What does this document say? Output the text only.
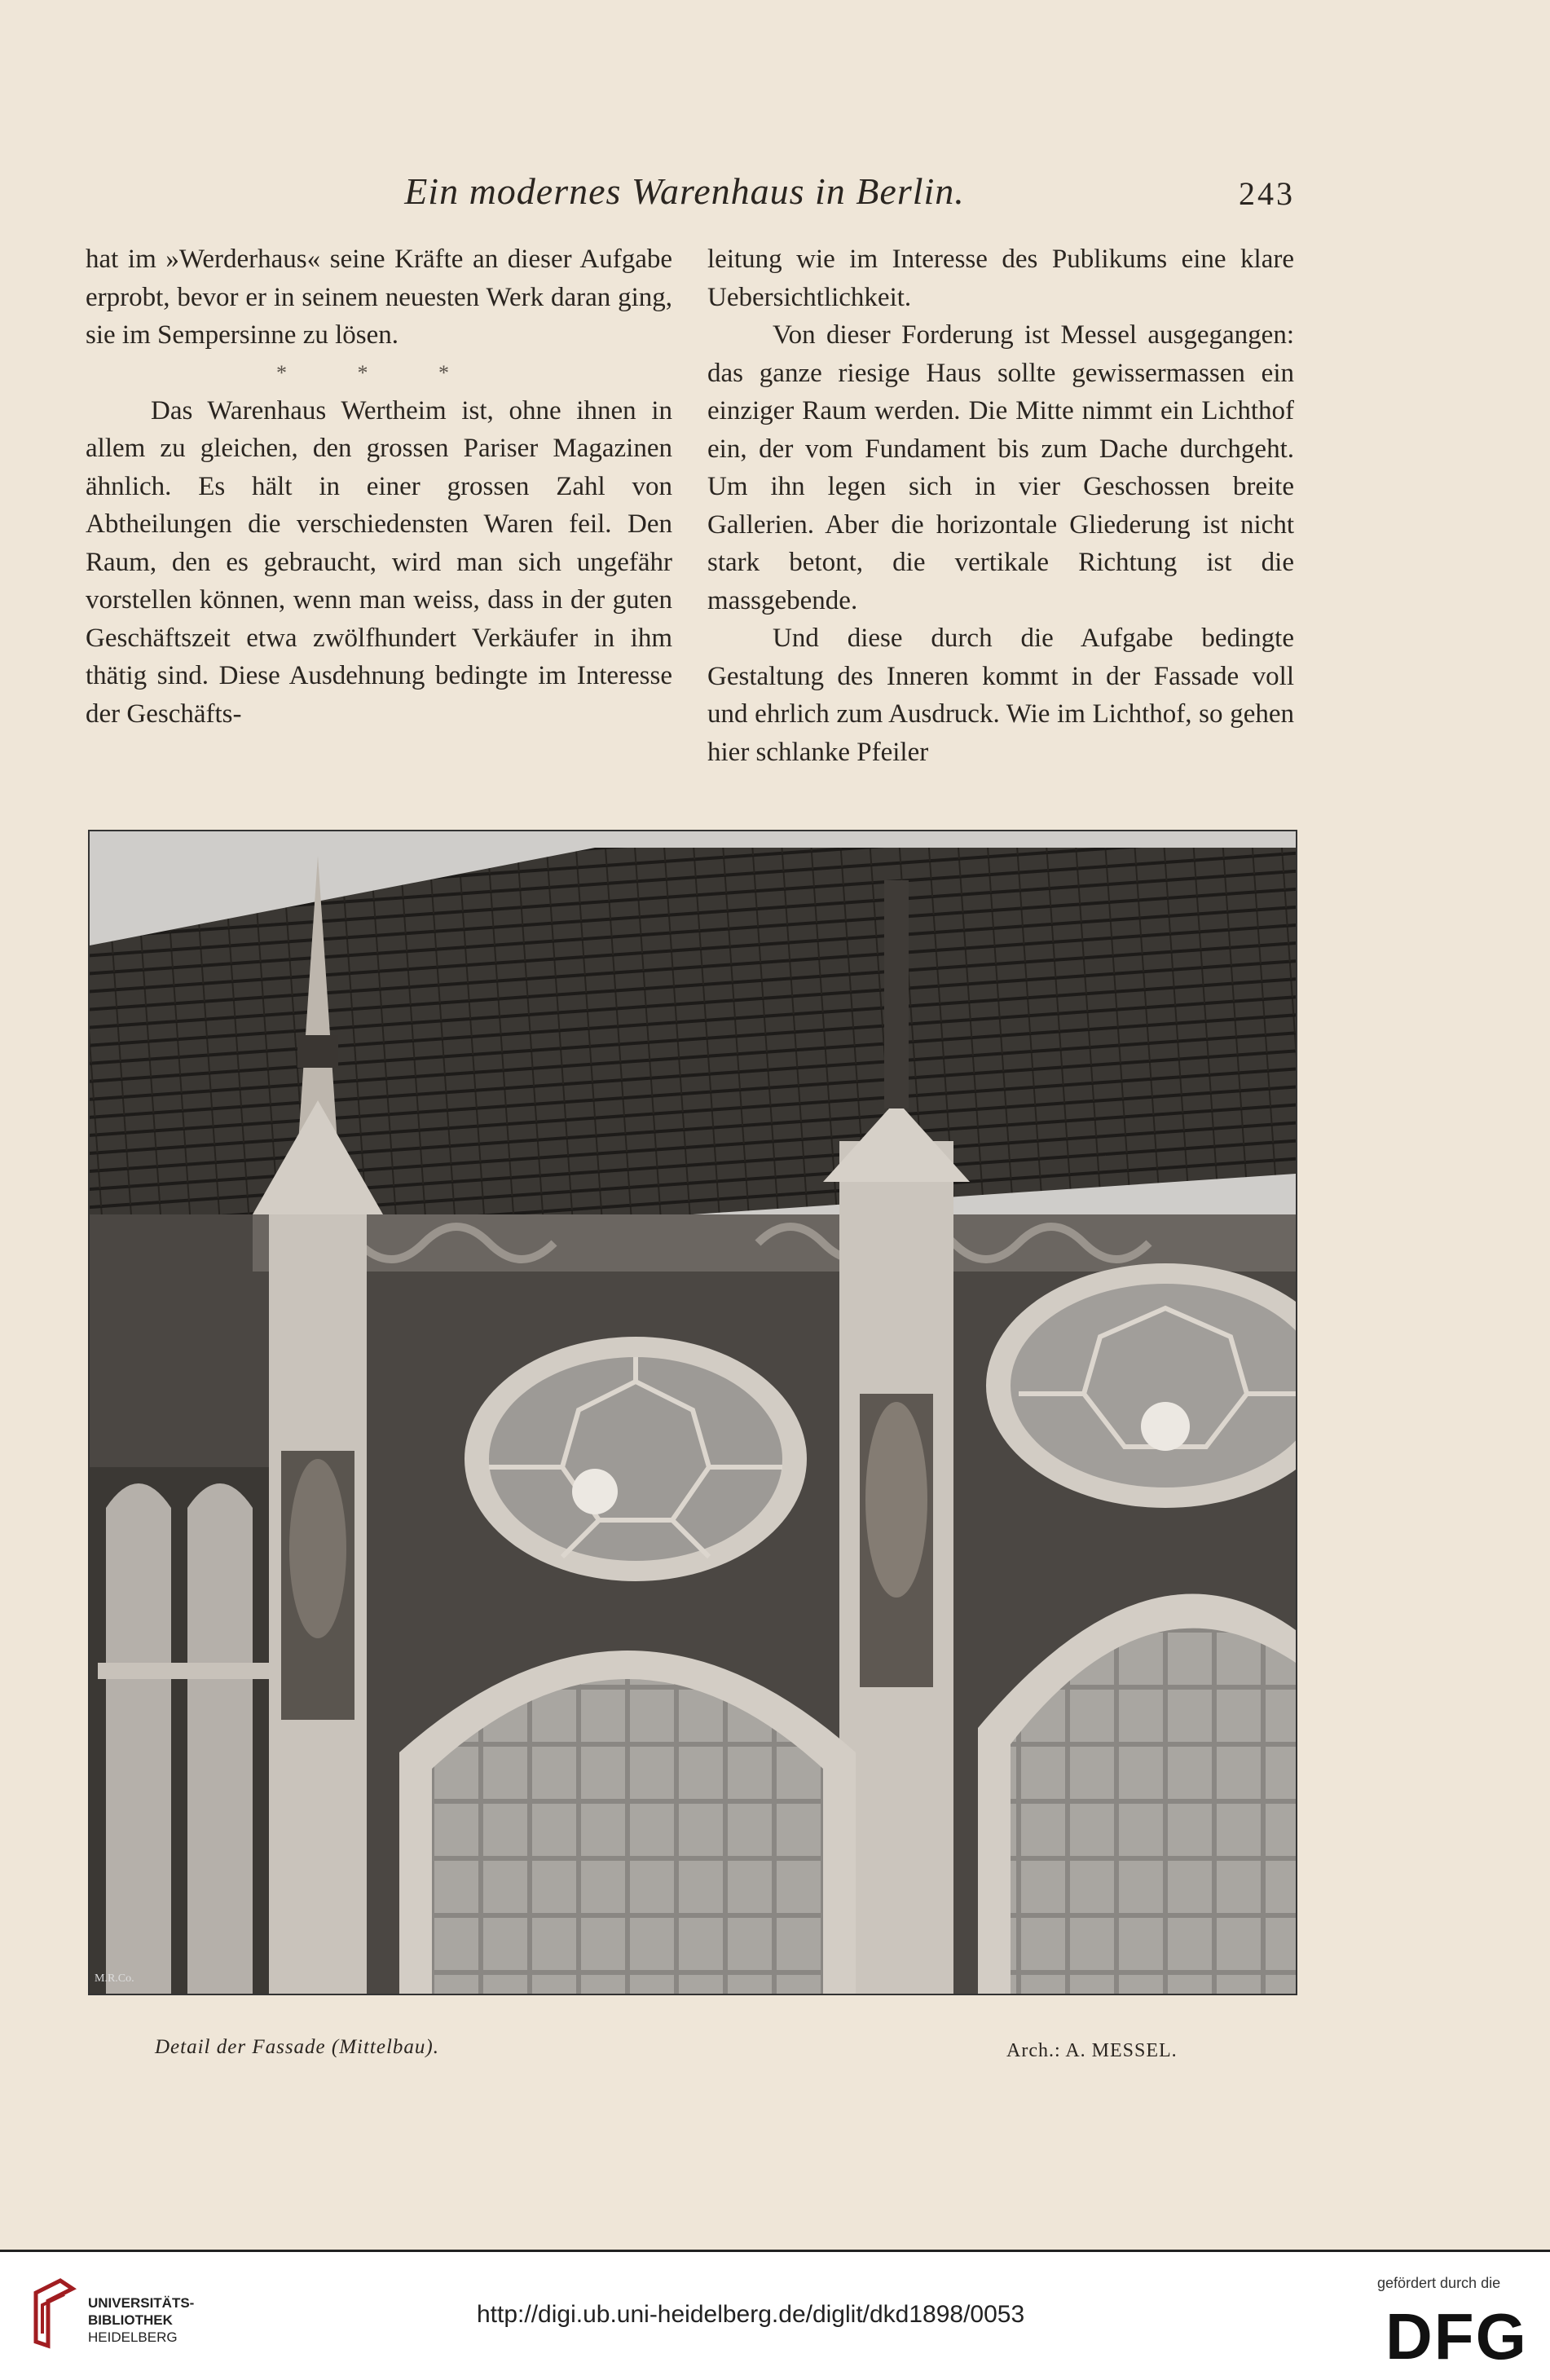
Ein modernes Warenhaus in Berlin.	243

hat im »Werderhaus« seine Kräfte an dieser Aufgabe erprobt, bevor er in seinem neuesten Werk daran ging, sie im Sempersinne zu lösen.

* * *

Das Warenhaus Wertheim ist, ohne ihnen in allem zu gleichen, den grossen Pariser Magazinen ähnlich. Es hält in einer grossen Zahl von Abtheilungen die verschiedensten Waren feil. Den Raum, den es gebraucht, wird man sich ungefähr vorstellen können, wenn man weiss, dass in der guten Geschäftszeit etwa zwölfhundert Verkäufer in ihm thätig sind. Diese Ausdehnung bedingte im Interesse der Geschäfts-

leitung wie im Interesse des Publikums eine klare Uebersichtlichkeit.

Von dieser Forderung ist Messel ausgegangen: das ganze riesige Haus sollte gewissermassen ein einziger Raum werden. Die Mitte nimmt ein Lichthof ein, der vom Fundament bis zum Dache durchgeht. Um ihn legen sich in vier Geschossen breite Gallerien. Aber die horizontale Gliederung ist nicht stark betont, die vertikale Richtung ist die massgebende.

Und diese durch die Aufgabe bedingte Gestaltung des Inneren kommt in der Fassade voll und ehrlich zum Ausdruck. Wie im Lichthof, so gehen hier schlanke Pfeiler

M.R.Co.
Detail der Fassade (Mittelbau).	Arch.: A. MESSEL.
UNIVERSITÄTS-
BIBLIOTHEK
HEIDELBERG
http://digi.ub.uni-heidelberg.de/diglit/dkd1898/0053
gefördert durch die
DFG
